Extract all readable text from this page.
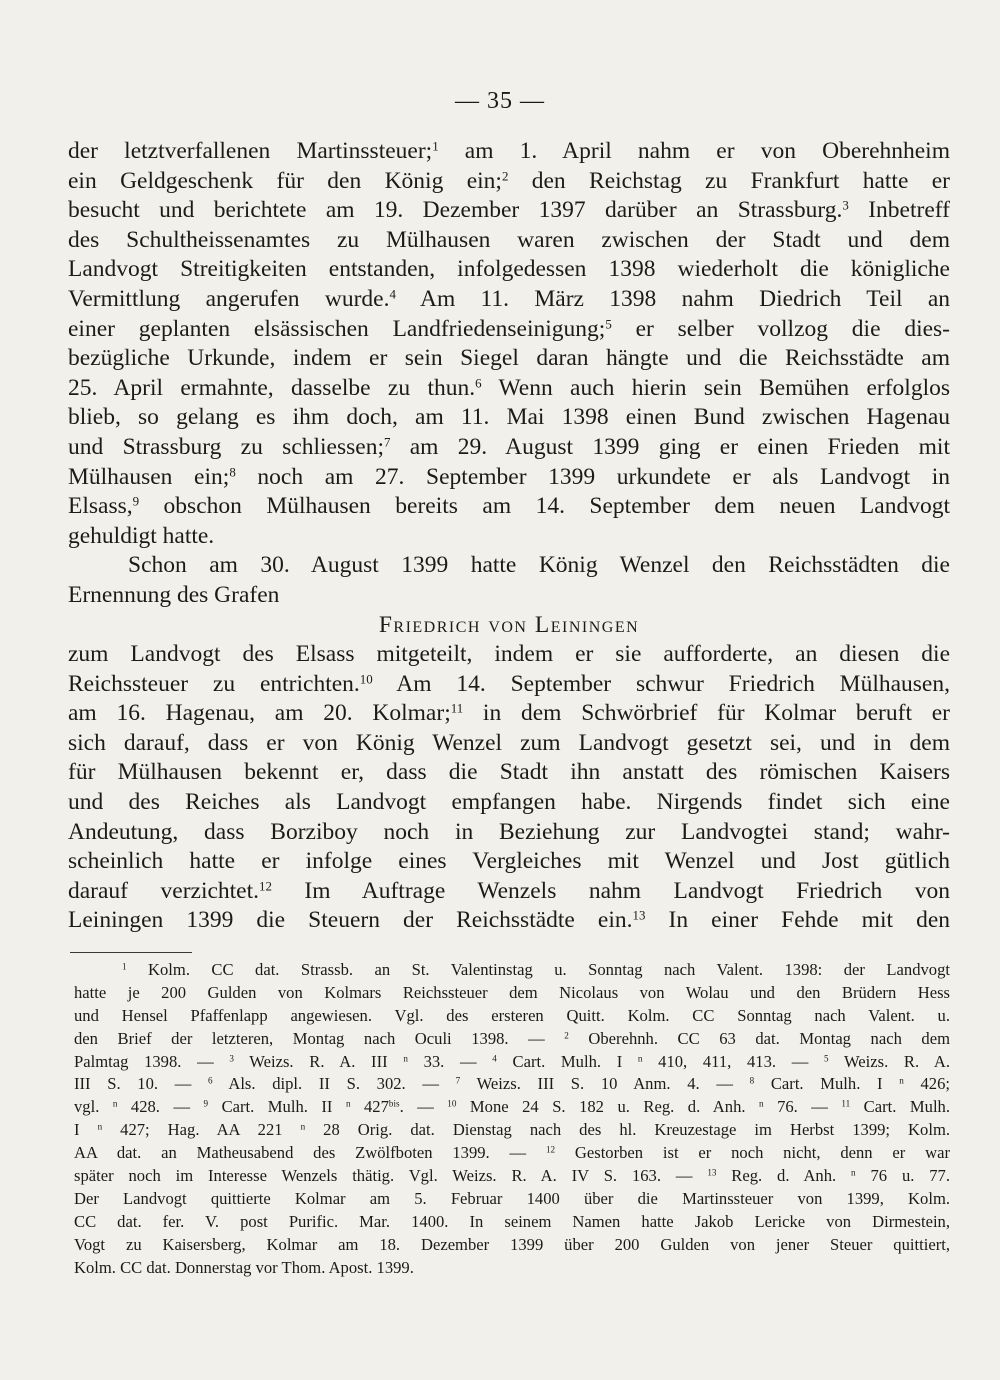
— 35 —
der letztverfallenen Martinssteuer;$^1$ am 1. April nahm er von Oberehnheim
ein Geldgeschenk für den König ein;$^2$ den Reichstag zu Frankfurt hatte er
besucht und berichtete am 19. Dezember 1397 darüber an Strassburg.$^3$ Inbetreff
des Schultheissenamtes zu Mülhausen waren zwischen der Stadt und dem
Landvogt Streitigkeiten entstanden, infolgedessen 1398 wiederholt die königliche
Vermittlung angerufen wurde.$^4$ Am 11. März 1398 nahm Diedrich Teil an
einer geplanten elsässischen Landfriedenseinigung;$^5$ er selber vollzog die dies-
bezügliche Urkunde, indem er sein Siegel daran hängte und die Reichsstädte am
25. April ermahnte, dasselbe zu thun.$^6$ Wenn auch hierin sein Bemühen erfolglos
blieb, so gelang es ihm doch, am 11. Mai 1398 einen Bund zwischen Hagenau
und Strassburg zu schliessen;$^7$ am 29. August 1399 ging er einen Frieden mit
Mülhausen ein;$^8$ noch am 27. September 1399 urkundete er als Landvogt in
Elsass,$^9$ obschon Mülhausen bereits am 14. September dem neuen Landvogt
gehuldigt hatte.
Schon am 30. August 1399 hatte König Wenzel den Reichsstädten die
Ernennung des Grafen
Friedrich von Leiningen
zum Landvogt des Elsass mitgeteilt, indem er sie aufforderte, an diesen die
Reichssteuer zu entrichten.$^{10}$ Am 14. September schwur Friedrich Mülhausen,
am 16. Hagenau, am 20. Kolmar;$^{11}$ in dem Schwörbrief für Kolmar beruft er
sich darauf, dass er von König Wenzel zum Landvogt gesetzt sei, und in dem
für Mülhausen bekennt er, dass die Stadt ihn anstatt des römischen Kaisers
und des Reiches als Landvogt empfangen habe. Nirgends findet sich eine
Andeutung, dass Borziboy noch in Beziehung zur Landvogtei stand; wahr-
scheinlich hatte er infolge eines Vergleiches mit Wenzel und Jost gütlich
darauf verzichtet.$^{12}$ Im Auftrage Wenzels nahm Landvogt Friedrich von
Leiningen 1399 die Steuern der Reichsstädte ein.$^{13}$ In einer Fehde mit den
$^1$ Kolm. CC dat. Strassb. an St. Valentinstag u. Sonntag nach Valent. 1398: der Landvogt
hatte je 200 Gulden von Kolmars Reichssteuer dem Nicolaus von Wolau und den Brüdern Hess
und Hensel Pfaffenlapp angewiesen. Vgl. des ersteren Quitt. Kolm. CC Sonntag nach Valent. u.
den Brief der letzteren, Montag nach Oculi 1398. — $^2$ Oberehnh. CC 63 dat. Montag nach dem
Palmtag 1398. — $^3$ Weizs. R. A. III $^n$ 33. — $^4$ Cart. Mulh. I $^n$ 410, 411, 413. — $^5$ Weizs. R. A.
III S. 10. — $^6$ Als. dipl. II S. 302. — $^7$ Weizs. III S. 10 Anm. 4. — $^8$ Cart. Mulh. I $^n$ 426;
vgl. $^n$ 428. — $^9$ Cart. Mulh. II $^n$ $427^{bis}$. — $^{10}$ Mone 24 S. 182 u. Reg. d. Anh. $^n$ 76. — $^{11}$ Cart. Mulh.
I $^n$ 427; Hag. AA 221 $^n$ 28 Orig. dat. Dienstag nach des hl. Kreuzestage im Herbst 1399; Kolm.
AA dat. an Matheusabend des Zwölfboten 1399. — $^{12}$ Gestorben ist er noch nicht, denn er war
später noch im Interesse Wenzels thätig. Vgl. Weizs. R. A. IV S. 163. — $^{13}$ Reg. d. Anh. $^n$ 76 u. 77.
Der Landvogt quittierte Kolmar am 5. Februar 1400 über die Martinssteuer von 1399, Kolm.
CC dat. fer. V. post Purific. Mar. 1400. In seinem Namen hatte Jakob Lericke von Dirmestein,
Vogt zu Kaisersberg, Kolmar am 18. Dezember 1399 über 200 Gulden von jener Steuer quittiert,
Kolm. CC dat. Donnerstag vor Thom. Apost. 1399.
